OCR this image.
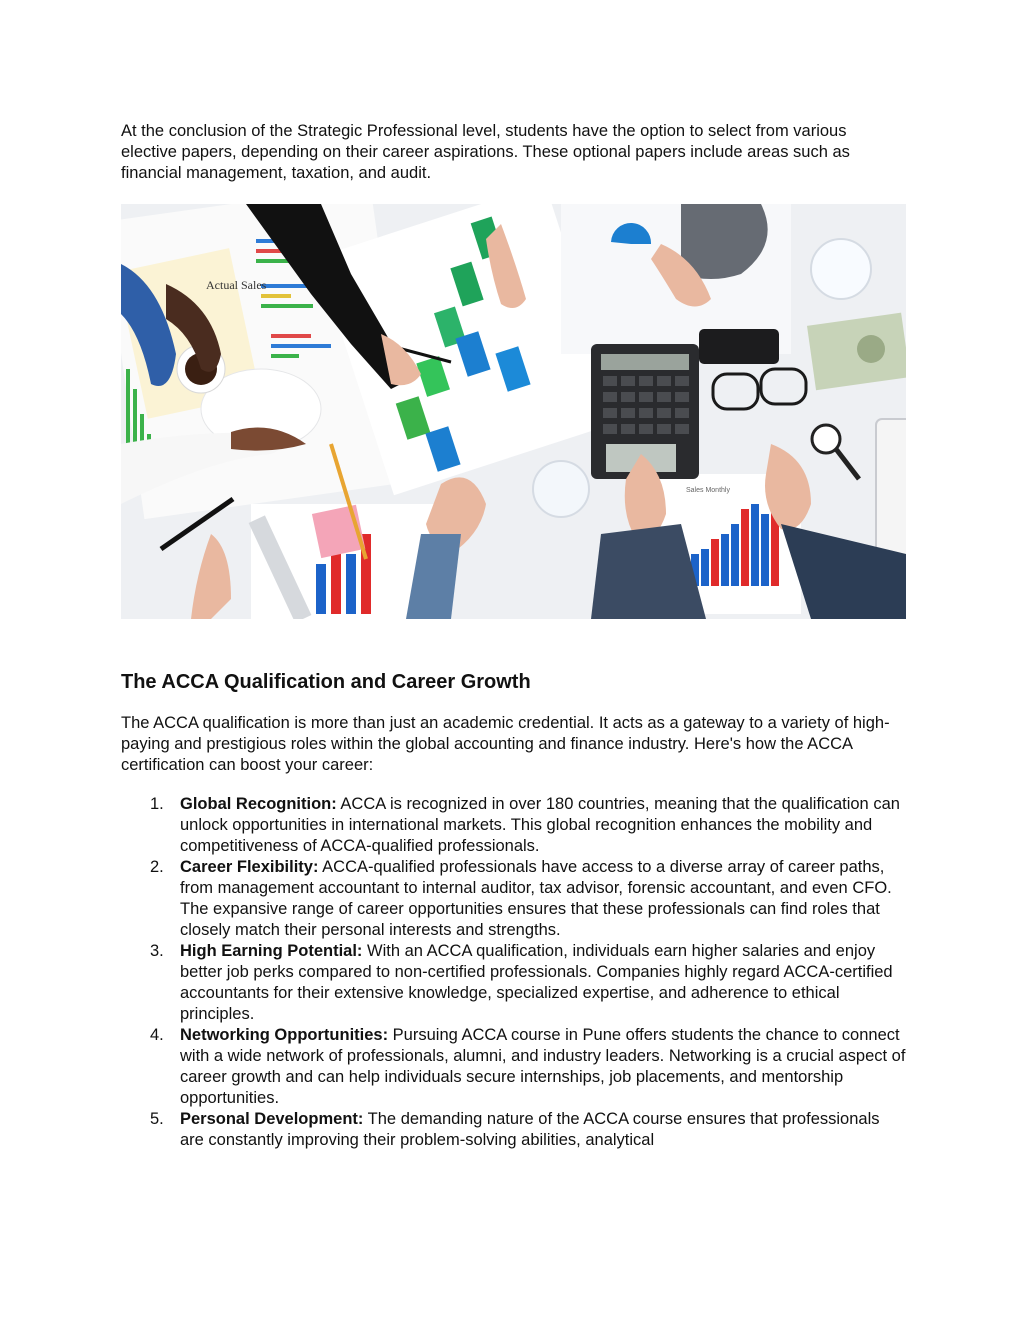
At the conclusion of the Strategic Professional level, students have the option to select from various elective papers, depending on their career aspirations. These optional papers include areas such as financial management, taxation, and audit.

Actual Sales
Sales Monthly
The ACCA Qualification and Career Growth

The ACCA qualification is more than just an academic credential. It acts as a gateway to a variety of high-paying and prestigious roles within the global accounting and finance industry. Here's how the ACCA certification can boost your career:

1. Global Recognition: ACCA is recognized in over 180 countries, meaning that the qualification can unlock opportunities in international markets. This global recognition enhances the mobility and competitiveness of ACCA-qualified professionals.
2. Career Flexibility: ACCA-qualified professionals have access to a diverse array of career paths, from management accountant to internal auditor, tax advisor, forensic accountant, and even CFO. The expansive range of career opportunities ensures that these professionals can find roles that closely match their personal interests and strengths.
3. High Earning Potential: With an ACCA qualification, individuals earn higher salaries and enjoy better job perks compared to non-certified professionals. Companies highly regard ACCA-certified accountants for their extensive knowledge, specialized expertise, and adherence to ethical principles.
4. Networking Opportunities: Pursuing ACCA course in Pune offers students the chance to connect with a wide network of professionals, alumni, and industry leaders. Networking is a crucial aspect of career growth and can help individuals secure internships, job placements, and mentorship opportunities.
5. Personal Development: The demanding nature of the ACCA course ensures that professionals are constantly improving their problem-solving abilities, analytical
